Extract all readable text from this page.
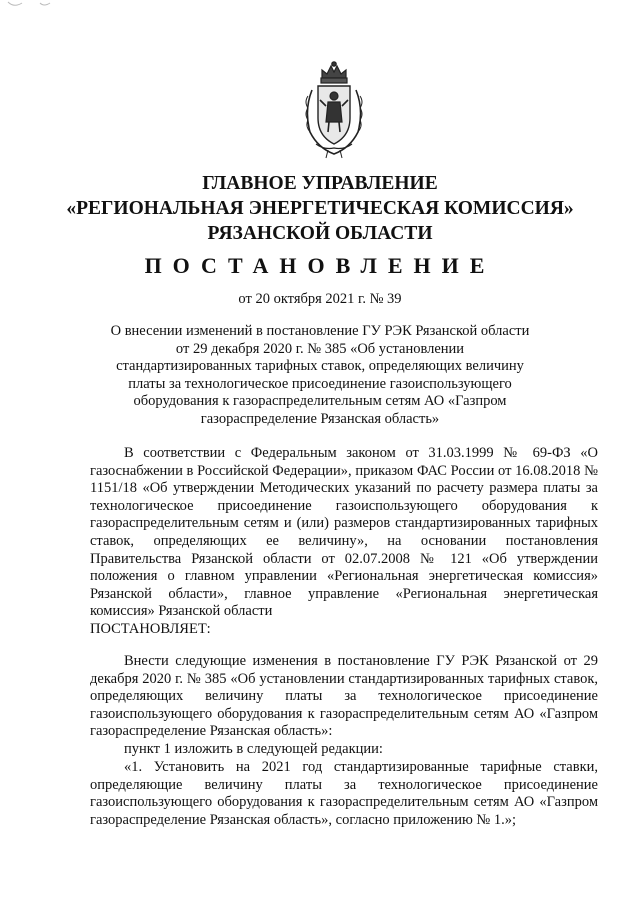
ГЛАВНОЕ УПРАВЛЕНИЕ
«РЕГИОНАЛЬНАЯ ЭНЕРГЕТИЧЕСКАЯ КОМИССИЯ»
РЯЗАНСКОЙ ОБЛАСТИ
ПОСТАНОВЛЕНИЕ
от 20 октября 2021 г. № 39
О внесении изменений в постановление ГУ РЭК Рязанской области от 29 декабря 2020 г. № 385 «Об установлении стандартизированных тарифных ставок, определяющих величину платы за технологическое присоединение газоиспользующего оборудования к газораспределительным сетям АО «Газпром газораспределение Рязанская область»
В соответствии с Федеральным законом от 31.03.1999 № 69-ФЗ «О газоснабжении в Российской Федерации», приказом ФАС России от 16.08.2018 № 1151/18 «Об утверждении Методических указаний по расчету размера платы за технологическое присоединение газоиспользующего оборудования к газораспределительным сетям и (или) размеров стандартизированных тарифных ставок, определяющих ее величину», на основании постановления Правительства Рязанской области от 02.07.2008 № 121 «Об утверждении положения о главном управлении «Региональная энергетическая комиссия» Рязанской области», главное управление «Региональная энергетическая комиссия» Рязанской области
ПОСТАНОВЛЯЕТ:
Внести следующие изменения в постановление ГУ РЭК Рязанской от 29 декабря 2020 г. № 385 «Об установлении стандартизированных тарифных ставок, определяющих величину платы за технологическое присоединение газоиспользующего оборудования к газораспределительным сетям АО «Газпром газораспределение Рязанская область»:
пункт 1 изложить в следующей редакции:
«1. Установить на 2021 год стандартизированные тарифные ставки, определяющие величину платы за технологическое присоединение газоиспользующего оборудования к газораспределительным сетям АО «Газпром газораспределение Рязанская область», согласно приложению № 1.»;
